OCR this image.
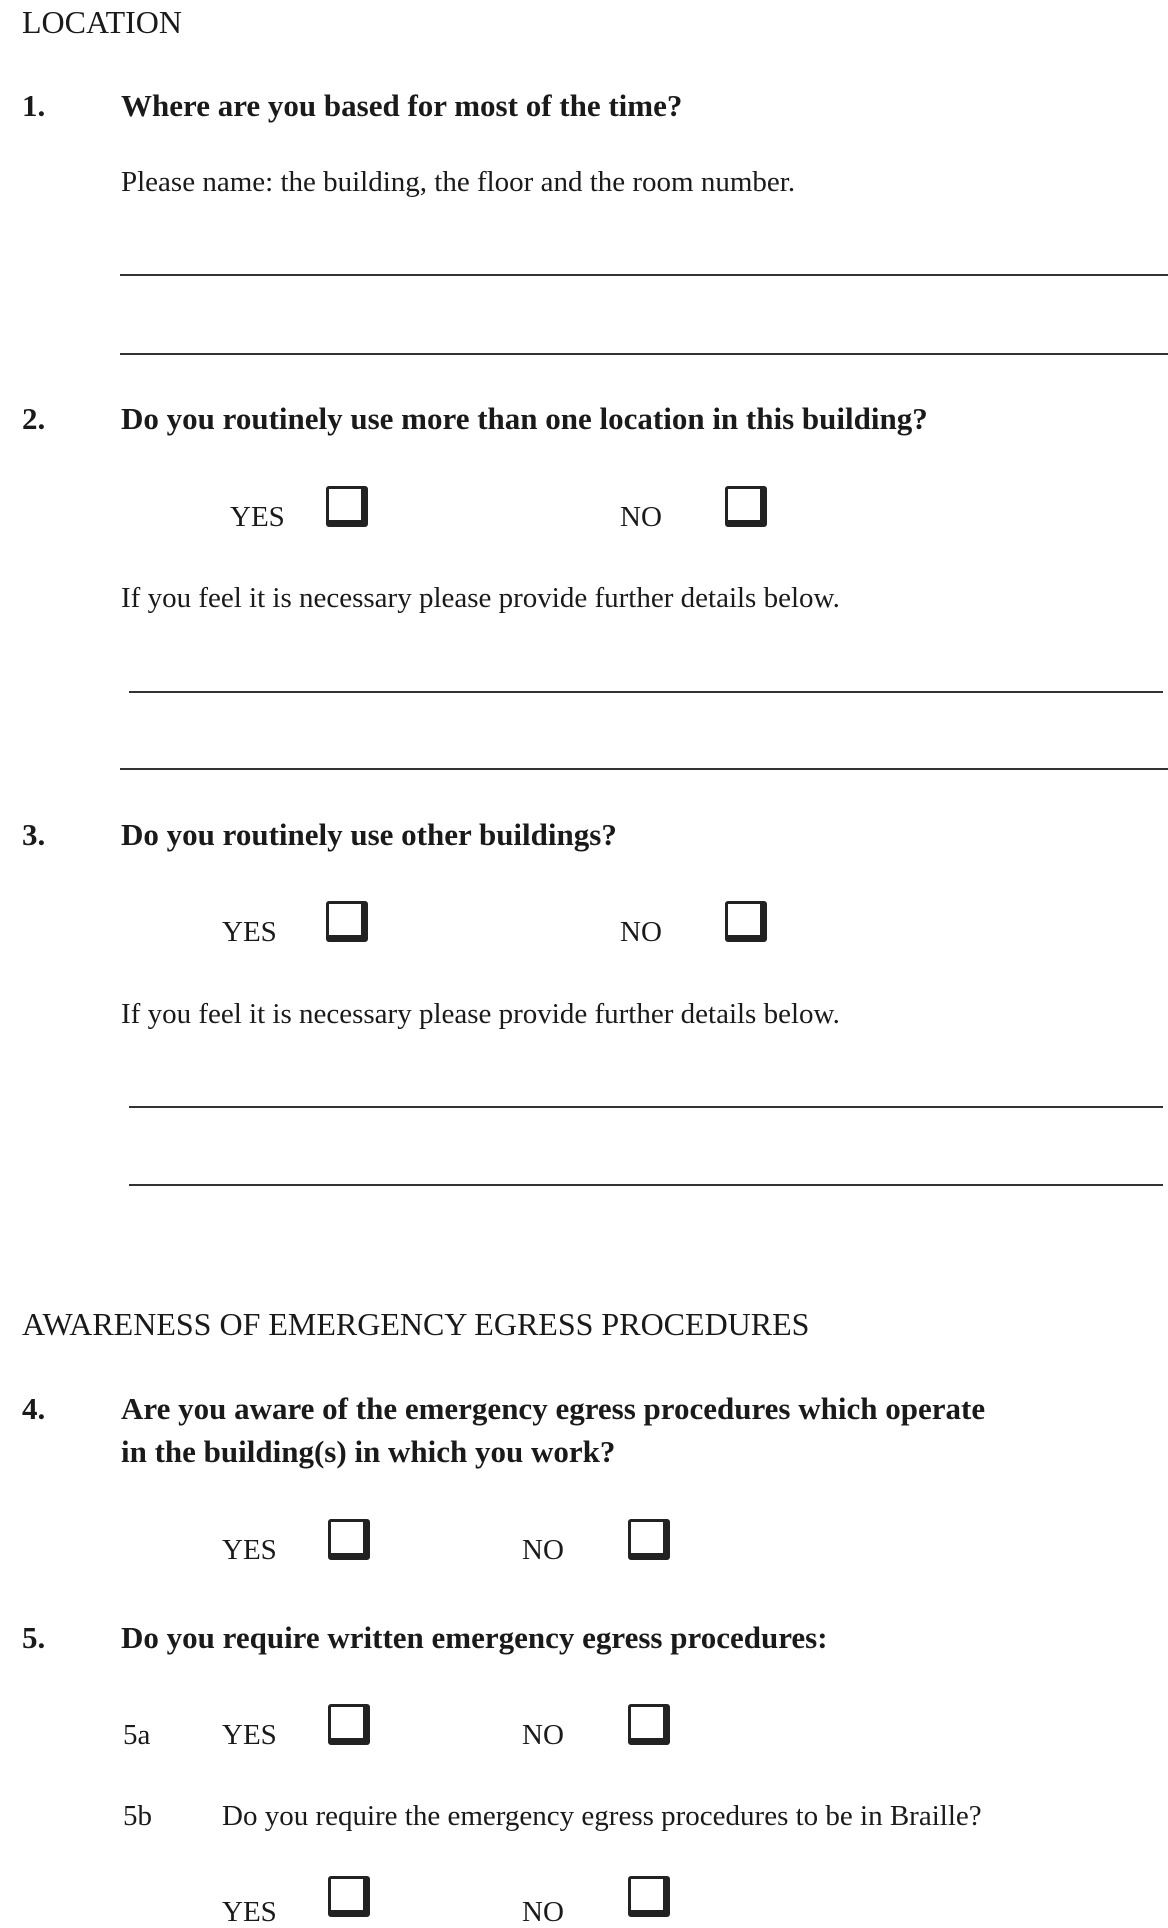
LOCATION
1. Where are you based for most of the time?
Please name: the building, the floor and the room number.
2. Do you routinely use more than one location in this building?
YES	NO
If you feel it is necessary please provide further details below.
3. Do you routinely use other buildings?
YES	NO
If you feel it is necessary please provide further details below.
AWARENESS OF EMERGENCY EGRESS PROCEDURES
4. Are you aware of the emergency egress procedures which operate
in the building(s) in which you work?
YES	NO
5. Do you require written emergency egress procedures:
5a YES	NO
5b Do you require the emergency egress procedures to be in Braille?
YES	NO
